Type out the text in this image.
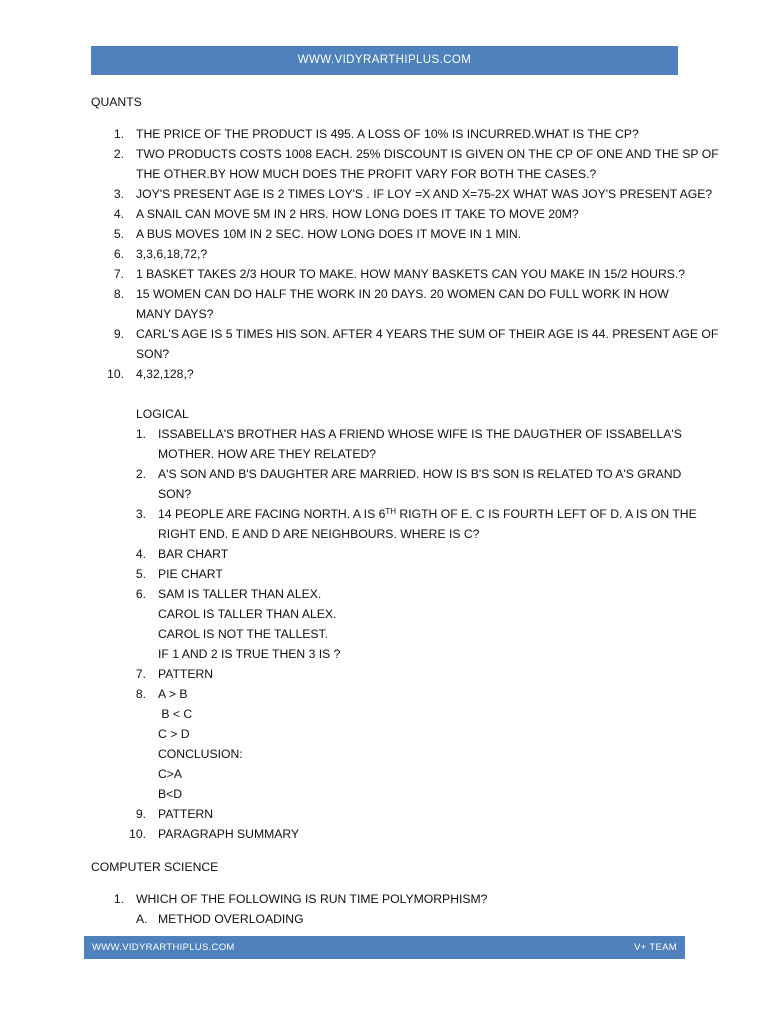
WWW.VIDYRARTHIPLUS.COM
QUANTS
1. THE PRICE OF THE PRODUCT IS 495. A LOSS OF 10% IS INCURRED.WHAT IS THE CP?
2. TWO PRODUCTS COSTS 1008 EACH. 25% DISCOUNT IS GIVEN ON THE CP OF ONE AND THE SP OF
THE OTHER.BY HOW MUCH DOES THE PROFIT VARY FOR BOTH THE CASES.?
3. JOY'S PRESENT AGE IS 2 TIMES LOY'S . IF LOY =X AND X=75-2X WHAT WAS JOY'S PRESENT AGE?
4. A SNAIL CAN MOVE 5M IN 2 HRS. HOW LONG DOES IT TAKE TO MOVE 20M?
5. A BUS MOVES 10M IN 2 SEC. HOW LONG DOES IT MOVE IN 1 MIN.
6. 3,3,6,18,72,?
7. 1 BASKET TAKES 2/3 HOUR TO MAKE. HOW MANY BASKETS CAN YOU MAKE IN 15/2 HOURS.?
8. 15 WOMEN CAN DO HALF THE WORK IN 20 DAYS. 20 WOMEN CAN DO FULL WORK IN HOW
MANY DAYS?
9. CARL'S AGE IS 5 TIMES HIS SON. AFTER 4 YEARS THE SUM OF THEIR AGE IS 44. PRESENT AGE OF
SON?
10. 4,32,128,?
LOGICAL
1. ISSABELLA'S BROTHER HAS A FRIEND WHOSE WIFE IS THE DAUGTHER OF ISSABELLA'S
MOTHER. HOW ARE THEY RELATED?
2. A'S SON AND B'S DAUGHTER ARE MARRIED. HOW IS B'S SON IS RELATED TO A'S GRAND
SON?
3. 14 PEOPLE ARE FACING NORTH. A IS 6TH RIGTH OF E. C IS FOURTH LEFT OF D. A IS ON THE
RIGHT END. E AND D ARE NEIGHBOURS. WHERE IS C?
4. BAR CHART
5. PIE CHART
6. SAM IS TALLER THAN ALEX.
CAROL IS TALLER THAN ALEX.
CAROL IS NOT THE TALLEST.
IF 1 AND 2 IS TRUE THEN 3 IS ?
7. PATTERN
8. A > B
B < C
C > D
CONCLUSION:
C>A
B<D
9. PATTERN
10. PARAGRAPH SUMMARY
COMPUTER SCIENCE
1. WHICH OF THE FOLLOWING IS RUN TIME POLYMORPHISM?
A. METHOD OVERLOADING
WWW.VIDYRARTHIPLUS.COM	V+ TEAM
